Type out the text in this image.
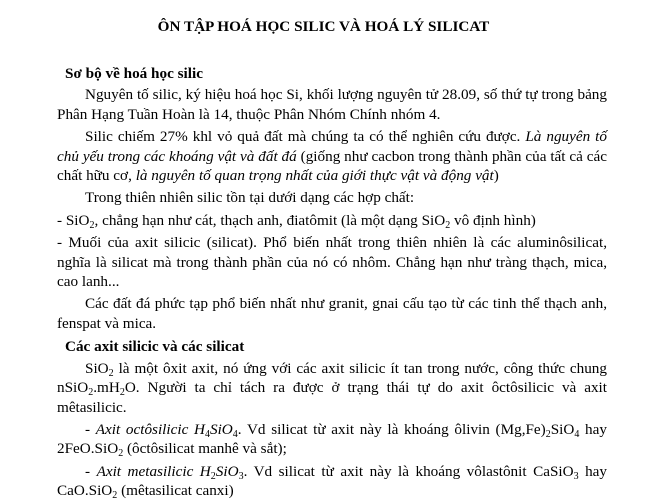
ÔN TẬP HOÁ HỌC SILIC VÀ HOÁ LÝ SILICAT

Sơ bộ về hoá học silic

Nguyên tố silic, ký hiệu hoá học Si, khối lượng nguyên tử 28.09, số thứ tự trong bảng Phân Hạng Tuần Hoàn là 14, thuộc Phân Nhóm Chính nhóm 4.

Silic chiếm 27% khl vỏ quả đất mà chúng ta có thể nghiên cứu được. Là nguyên tố chủ yếu trong các khoáng vật và đất đá (giống như cacbon trong thành phần của tất cả các chất hữu cơ, là nguyên tố quan trọng nhất của giới thực vật và động vật)

Trong thiên nhiên silic tồn tại dưới dạng các hợp chất:

- SiO$_2$, chẳng hạn như cát, thạch anh, điatômit (là một dạng SiO$_2$ vô định hình)

- Muối của axit silicic (silicat). Phổ biến nhất trong thiên nhiên là các aluminôsilicat, nghĩa là silicat mà trong thành phần của nó có nhôm. Chẳng hạn như tràng thạch, mica, cao lanh...

Các đất đá phức tạp phổ biến nhất như granit, gnai cấu tạo từ các tinh thể thạch anh, fenspat và mica.

Các axit silicic và các silicat

SiO$_2$ là một ôxit axit, nó ứng với các axit silicic ít tan trong nước, công thức chung $nSiO_2.mH_2O$. Người ta chỉ tách ra được ở trạng thái tự do axit ôctôsilicic và axit mêtasilicic.

- Axit octôsilicic $H_4SiO_4$. Vd silicat từ axit này là khoáng ôlivin $(Mg,Fe)_2SiO_4$ hay 2FeO.SiO$_2$ (ôctôsilicat manhê và sắt);

- Axit metasilicic $H_2SiO_3$. Vd silicat từ axit này là khoáng vôlastônit CaSiO$_3$ hay CaO.SiO$_2$ (mêtasilicat canxi)
